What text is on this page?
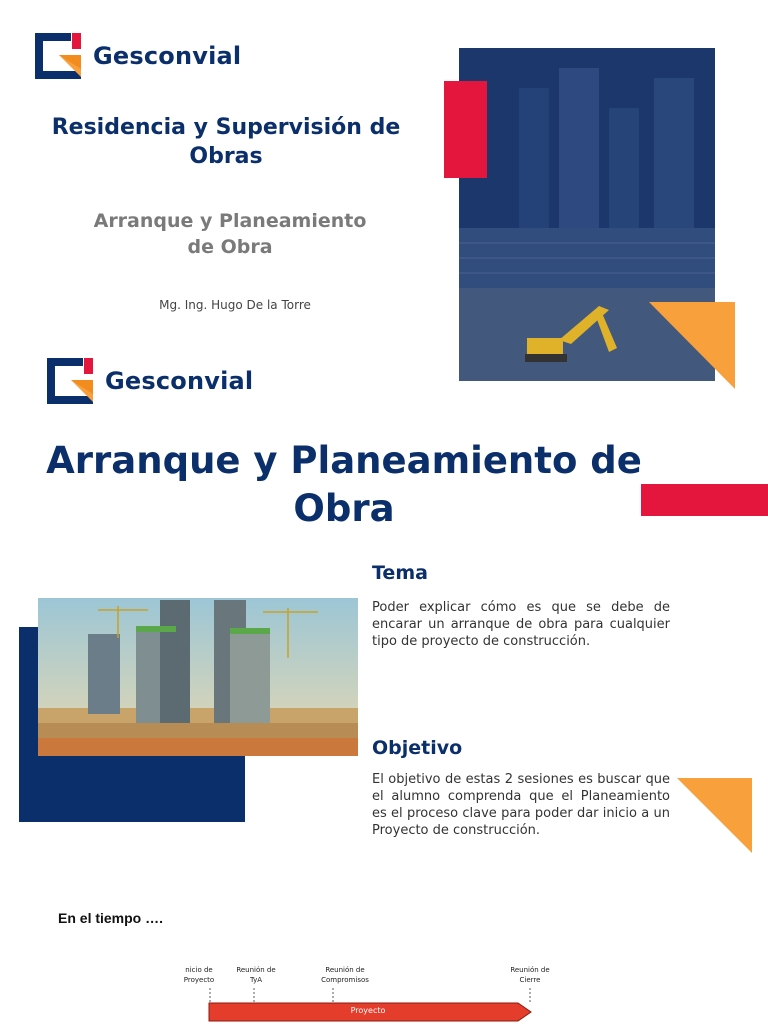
Gesconvial
Residencia y Supervisión de Obras
Arranque y Planeamiento de Obra
Mg. Ing. Hugo De la Torre
Gesconvial
Arranque y Planeamiento de Obra
Tema
Poder explicar cómo es que se debe de encarar un arranque de obra para cualquier tipo de proyecto de construcción.
Objetivo
El objetivo de estas 2 sesiones es buscar que el alumno comprenda que el Planeamiento es el proceso clave para poder dar inicio a un Proyecto de construcción.
En el tiempo ….
nicio de
Proyecto
Reunión de
TyA
Reunión de
Compromisos
Reunión de
Cierre
Proyecto
